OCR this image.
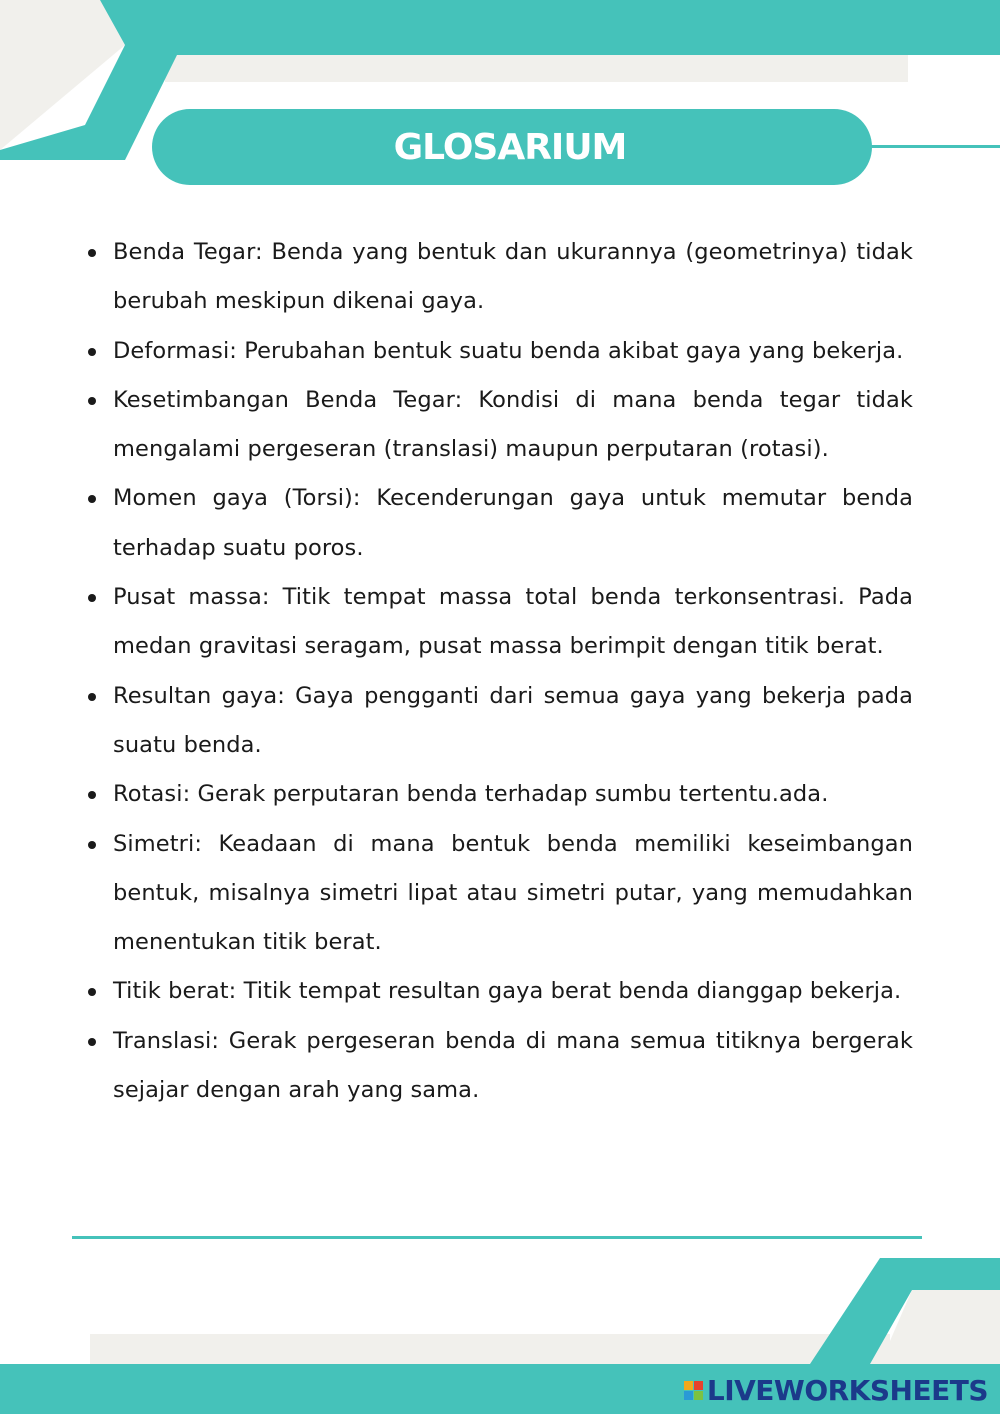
GLOSARIUM
Benda Tegar: Benda yang bentuk dan ukurannya (geometrinya) tidak berubah meskipun dikenai gaya.
Deformasi: Perubahan bentuk suatu benda akibat gaya yang bekerja.
Kesetimbangan Benda Tegar: Kondisi di mana benda tegar tidak mengalami pergeseran (translasi) maupun perputaran (rotasi).
Momen gaya (Torsi): Kecenderungan gaya untuk memutar benda terhadap suatu poros.
Pusat massa: Titik tempat massa total benda terkonsentrasi. Pada medan gravitasi seragam, pusat massa berimpit dengan titik berat.
Resultan gaya: Gaya pengganti dari semua gaya yang bekerja pada suatu benda.
Rotasi: Gerak perputaran benda terhadap sumbu tertentu.ada.
Simetri: Keadaan di mana bentuk benda memiliki keseimbangan bentuk, misalnya simetri lipat atau simetri putar, yang memudahkan menentukan titik berat.
Titik berat: Titik tempat resultan gaya berat benda dianggap bekerja.
Translasi: Gerak pergeseran benda di mana semua titiknya bergerak sejajar dengan arah yang sama.
LIVEWORKSHEETS
